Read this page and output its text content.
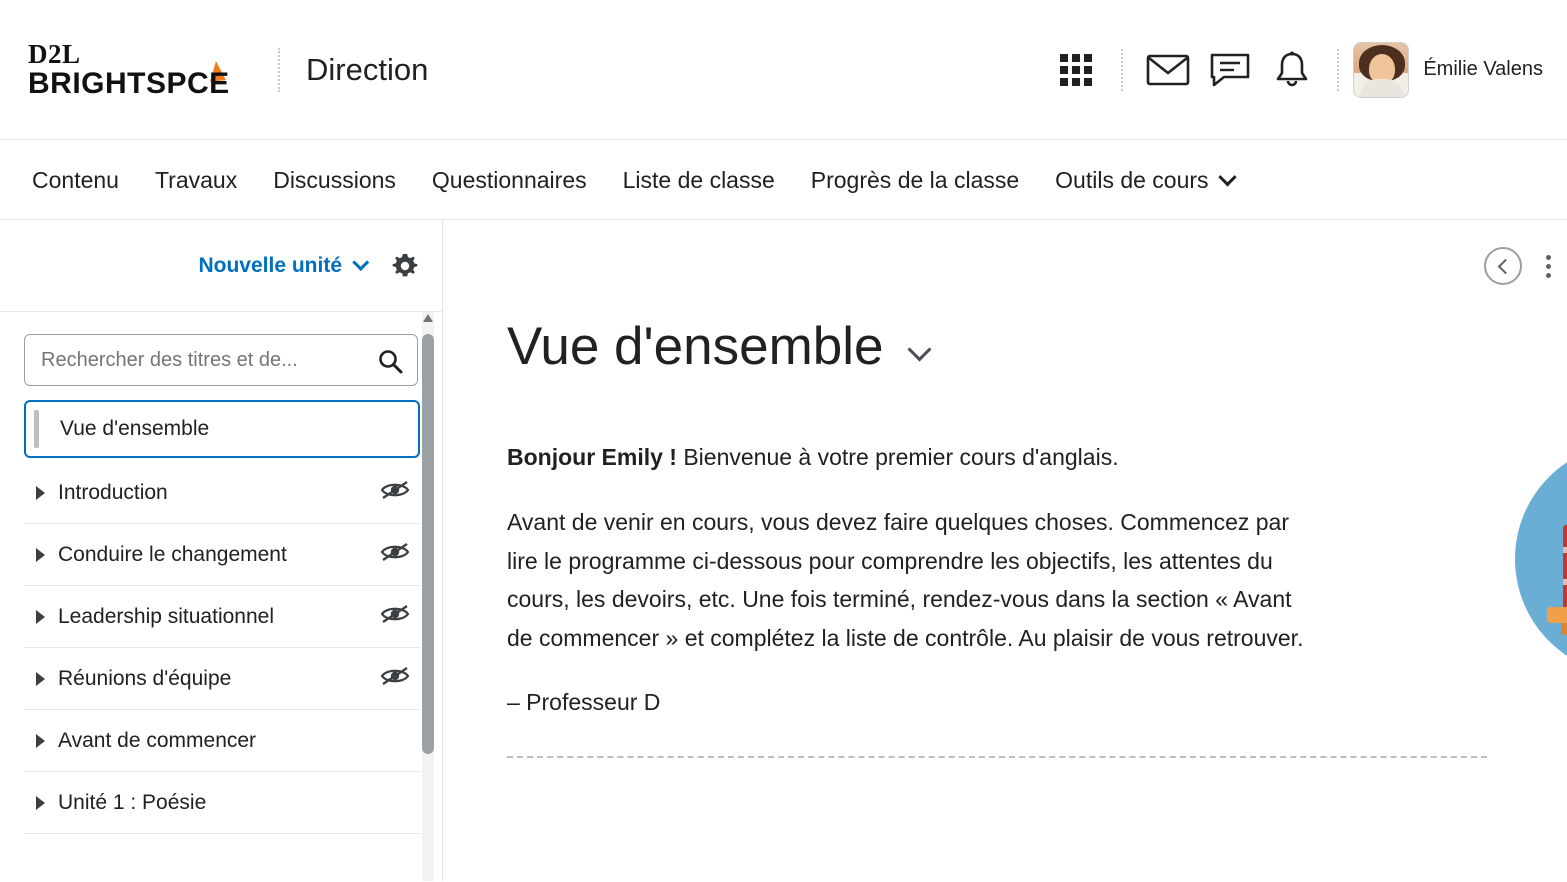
D2L
BRIGHTSPCE	Direction	Émilie Valens
Contenu	Travaux	Discussions	Questionnaires	Liste de classe	Progrès de la classe	Outils de cours
Nouvelle unité
Rechercher des titres et de...
Vue d'ensemble
Introduction
Conduire le changement
Leadership situationnel
Réunions d'équipe
Avant de commencer
Unité 1 : Poésie
Vue d'ensemble

Bonjour Emily ! Bienvenue à votre premier cours d'anglais.

Avant de venir en cours, vous devez faire quelques choses. Commencez par lire le programme ci-dessous pour comprendre les objectifs, les attentes du cours, les devoirs, etc. Une fois terminé, rendez-vous dans la section « Avant de commencer » et complétez la liste de contrôle. Au plaisir de vous retrouver.

– Professeur D
